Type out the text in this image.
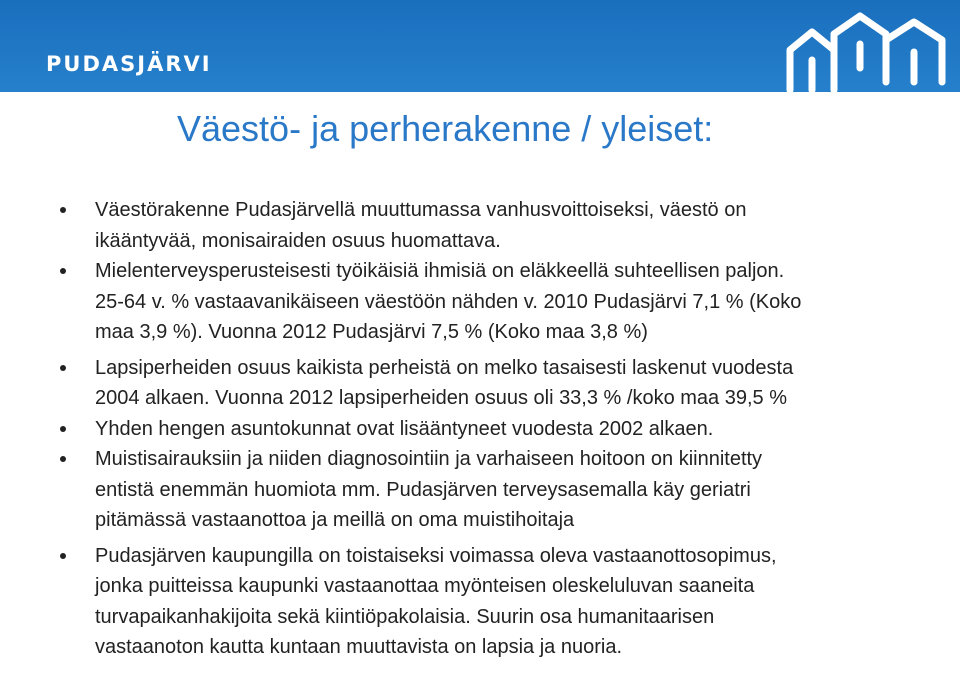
PUDASJÄRVI
Väestö- ja perherakenne / yleiset:
Väestörakenne Pudasjärvellä muuttumassa vanhusvoittoiseksi, väestö on
ikääntyvää, monisairaiden osuus huomattava.
Mielenterveysperusteisesti työikäisiä ihmisiä on eläkkeellä suhteellisen paljon.
25-64 v. % vastaavanikäiseen väestöön nähden v. 2010 Pudasjärvi 7,1 % (Koko
maa 3,9 %). Vuonna 2012 Pudasjärvi 7,5 % (Koko maa 3,8 %)
Lapsiperheiden osuus kaikista perheistä on melko tasaisesti laskenut vuodesta
2004 alkaen. Vuonna 2012 lapsiperheiden osuus oli 33,3 % /koko maa 39,5 %
Yhden hengen asuntokunnat ovat lisääntyneet vuodesta 2002 alkaen.
Muistisairauksiin ja niiden diagnosointiin ja varhaiseen hoitoon on kiinnitetty
entistä enemmän huomiota mm. Pudasjärven terveysasemalla käy geriatri
pitämässä vastaanottoa ja meillä on oma muistihoitaja
Pudasjärven kaupungilla on toistaiseksi voimassa oleva vastaanottosopimus,
jonka puitteissa kaupunki vastaanottaa myönteisen oleskeluluvan saaneita
turvapaikanhakijoita sekä kiintiöpakolaisia. Suurin osa humanitaarisen
vastaanoton kautta kuntaan muuttavista on lapsia ja nuoria.
